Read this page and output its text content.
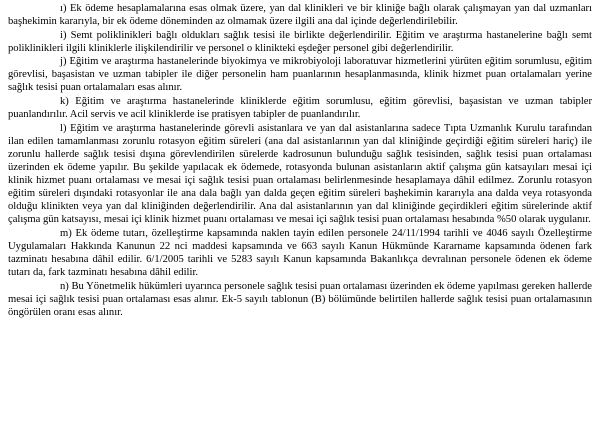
ı) Ek ödeme hesaplamalarına esas olmak üzere, yan dal klinikleri ve bir kliniğe bağlı olarak çalışmayan yan dal uzmanları başhekimin kararıyla, bir ek ödeme döneminden az olmamak üzere ilgili ana dal içinde değerlendirilebilir.

i) Semt poliklinikleri bağlı oldukları sağlık tesisi ile birlikte değerlendirilir. Eğitim ve araştırma hastanelerine bağlı semt poliklinikleri ilgili kliniklerle ilişkilendirilir ve personel o klinikteki eşdeğer personel gibi değerlendirilir.

j) Eğitim ve araştırma hastanelerinde biyokimya ve mikrobiyoloji laboratuvar hizmetlerini yürüten eğitim sorumlusu, eğitim görevlisi, başasistan ve uzman tabipler ile diğer personelin ham puanlarının hesaplanmasında, klinik hizmet puan ortalamaları yerine sağlık tesisi puan ortalamaları esas alınır.

k) Eğitim ve araştırma hastanelerinde kliniklerde eğitim sorumlusu, eğitim görevlisi, başasistan ve uzman tabipler puanlandırılır. Acil servis ve acil kliniklerde ise pratisyen tabipler de puanlandırılır.

l) Eğitim ve araştırma hastanelerinde görevli asistanlara ve yan dal asistanlarına sadece Tıpta Uzmanlık Kurulu tarafından ilan edilen tamamlanması zorunlu rotasyon eğitim süreleri (ana dal asistanlarının yan dal kliniğinde geçirdiği eğitim süreleri hariç) ile zorunlu hallerde sağlık tesisi dışına görevlendirilen sürelerde kadrosunun bulunduğu sağlık tesisinden, sağlık tesisi puan ortalaması üzerinden ek ödeme yapılır. Bu şekilde yapılacak ek ödemede, rotasyonda bulunan asistanların aktif çalışma gün katsayıları mesai içi klinik hizmet puanı ortalaması ve mesai içi sağlık tesisi puan ortalaması belirlenmesinde hesaplamaya dâhil edilmez. Zorunlu rotasyon eğitim süreleri dışındaki rotasyonlar ile ana dala bağlı yan dalda geçen eğitim süreleri başhekimin kararıyla ana dalda veya rotasyonda olduğu klinikten veya yan dal kliniğinden değerlendirilir. Ana dal asistanlarının yan dal kliniğinde geçirdikleri eğitim sürelerinde aktif çalışma gün katsayısı, mesai içi klinik hizmet puanı ortalaması ve mesai içi sağlık tesisi puan ortalaması hesabında %50 olarak uygulanır.

m) Ek ödeme tutarı, özelleştirme kapsamında naklen tayin edilen personele 24/11/1994 tarihli ve 4046 sayılı Özelleştirme Uygulamaları Hakkında Kanunun 22 nci maddesi kapsamında ve 663 sayılı Kanun Hükmünde Kararname kapsamında ödenen fark tazminatı hesabına dâhil edilir. 6/1/2005 tarihli ve 5283 sayılı Kanun kapsamında Bakanlıkça devralınan personele ödenen ek ödeme tutarı da, fark tazminatı hesabına dâhil edilir.

n) Bu Yönetmelik hükümleri uyarınca personele sağlık tesisi puan ortalaması üzerinden ek ödeme yapılması gereken hallerde mesai içi sağlık tesisi puan ortalaması esas alınır. Ek-5 sayılı tablonun (B) bölümünde belirtilen hallerde sağlık tesisi puan ortalamasının öngörülen oranı esas alınır.
